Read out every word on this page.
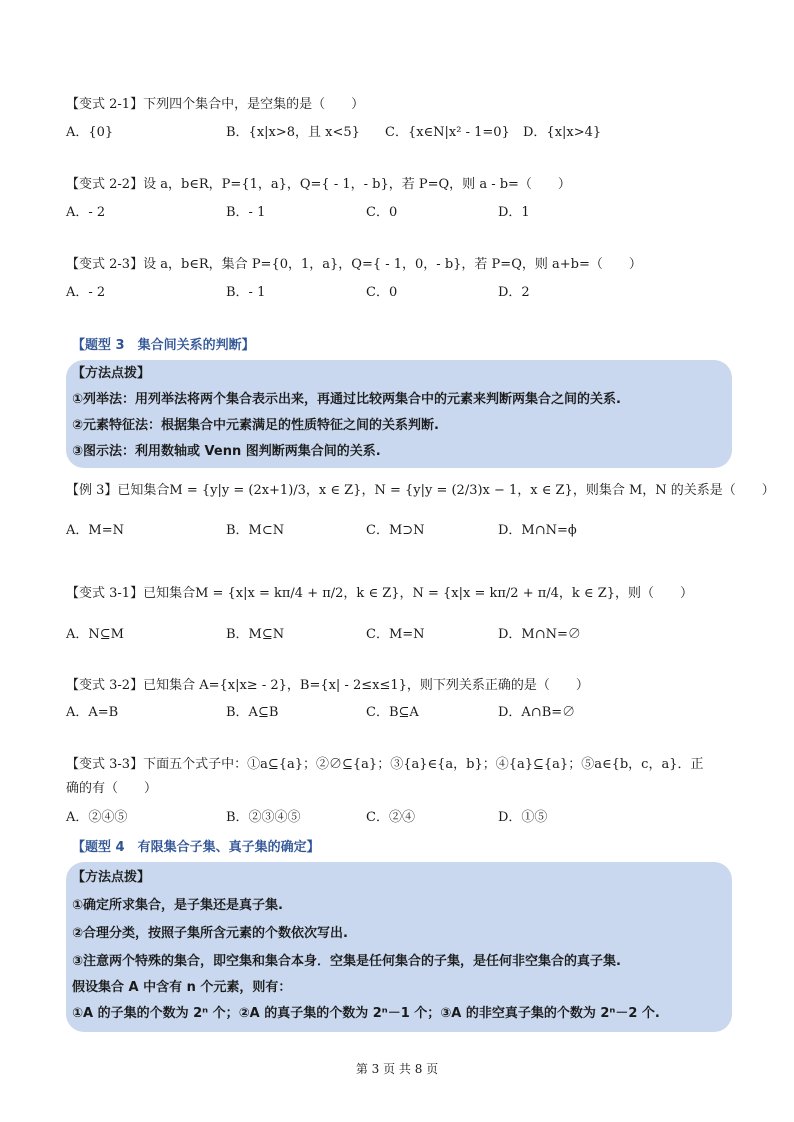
【变式 2-1】下列四个集合中，是空集的是（　　）
A．{0}	B．{x|x>8，且 x<5} C．{x∈N|x² - 1=0} D．{x|x>4}
【变式 2-2】设 a，b∈R，P={1，a}，Q={ - 1，- b}，若 P=Q，则 a - b=（　　）
A．- 2	B．- 1	C．0	D．1
【变式 2-3】设 a，b∈R，集合 P={0，1，a}，Q={ - 1，0，- b}，若 P=Q，则 a+b=（　　）
A．- 2	B．- 1	C．0	D．2
【题型 3　集合间关系的判断】
【方法点拨】
①列举法：用列举法将两个集合表示出来，再通过比较两集合中的元素来判断两集合之间的关系.
②元素特征法：根据集合中元素满足的性质特征之间的关系判断.
③图示法：利用数轴或 Venn 图判断两集合间的关系.
【例 3】已知集合M = {y|y = (2x+1)/3，x ∈ Z}，N = {y|y = (2/3)x − 1，x ∈ Z}，则集合 M，N 的关系是（　　）
A．M=N	B．M⊂N	C．M⊃N	D．M∩N=ϕ
【变式 3-1】已知集合M = {x|x = kπ/4 + π/2，k ∈ Z}，N = {x|x = kπ/2 + π/4，k ∈ Z}，则（　　）
A．N⊆M	B．M⊆N	C．M=N	D．M∩N=∅
【变式 3-2】已知集合 A={x|x≥ - 2}，B={x| - 2≤x≤1}，则下列关系正确的是（　　）
A．A=B	B．A⊆B	C．B⊆A	D．A∩B=∅
【变式 3-3】下面五个式子中：①a⊆{a}；②∅⊆{a}；③{a}∈{a，b}；④{a}⊆{a}；⑤a∈{b，c，a}．正
确的有（　　）
A．②④⑤	B．②③④⑤	C．②④	D．①⑤
【题型 4　有限集合子集、真子集的确定】
【方法点拨】
①确定所求集合，是子集还是真子集.
②合理分类，按照子集所含元素的个数依次写出.
③注意两个特殊的集合，即空集和集合本身．空集是任何集合的子集，是任何非空集合的真子集.
假设集合 A 中含有 n 个元素，则有：
①A 的子集的个数为 2ⁿ 个；②A 的真子集的个数为 2ⁿ－1 个；③A 的非空真子集的个数为 2ⁿ－2 个.
第 3 页 共 8 页
